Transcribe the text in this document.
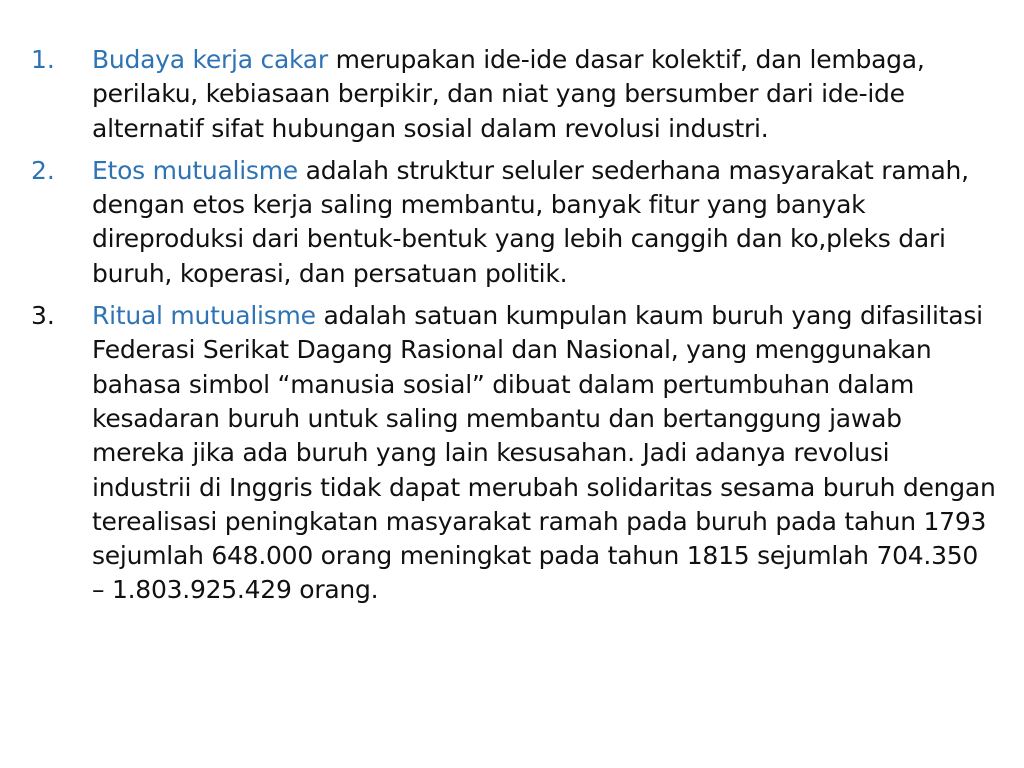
1.	Budaya kerja cakar merupakan ide-ide dasar kolektif, dan lembaga, perilaku, kebiasaan berpikir, dan niat yang bersumber dari ide-ide alternatif sifat hubungan sosial dalam revolusi industri.
2.	Etos mutualisme adalah struktur seluler sederhana masyarakat ramah, dengan etos kerja saling membantu, banyak fitur yang banyak direproduksi dari bentuk-bentuk yang lebih canggih dan ko,pleks dari buruh, koperasi, dan persatuan politik.
3.	Ritual mutualisme adalah satuan kumpulan kaum buruh yang difasilitasi Federasi Serikat Dagang Rasional dan Nasional, yang menggunakan bahasa simbol “manusia sosial” dibuat dalam pertumbuhan dalam kesadaran buruh untuk saling membantu dan bertanggung jawab mereka jika ada buruh yang lain kesusahan. Jadi adanya revolusi industrii di Inggris tidak dapat merubah solidaritas sesama buruh dengan terealisasi peningkatan masyarakat ramah pada buruh pada tahun 1793 sejumlah 648.000 orang meningkat pada tahun 1815 sejumlah 704.350 – 1.803.925.429 orang.
